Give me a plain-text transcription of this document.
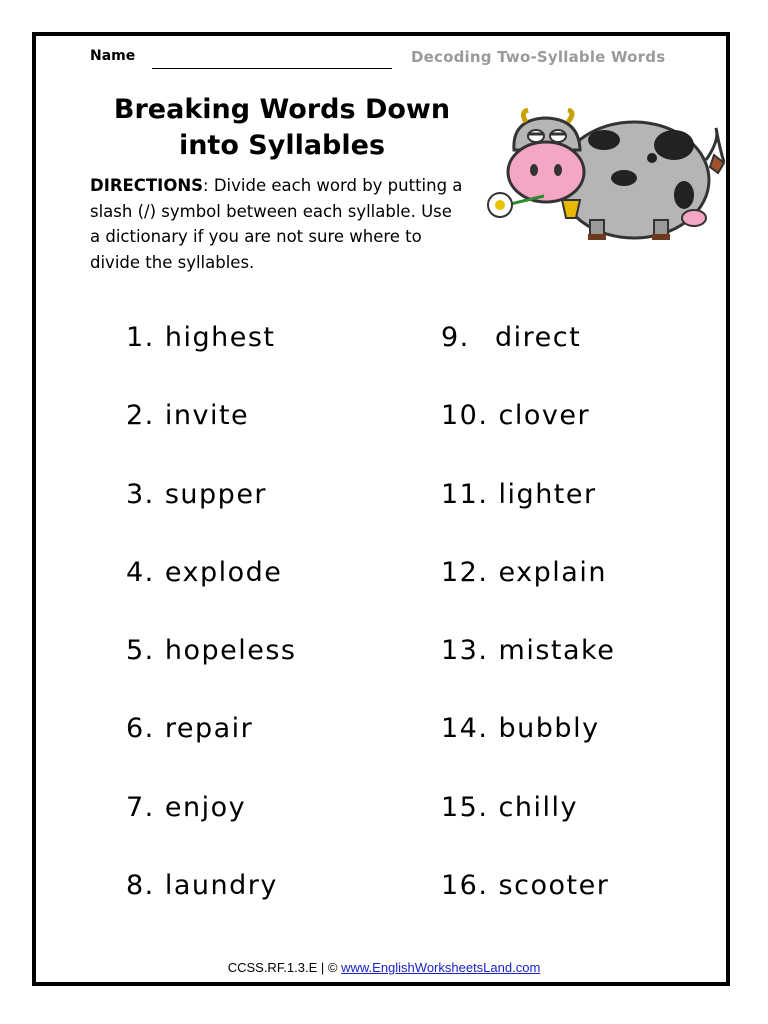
Name	Decoding Two-Syllable Words
Breaking Words Down
into Syllables
DIRECTIONS: Divide each word by putting a slash (/) symbol between each syllable. Use a dictionary if you are not sure where to divide the syllables.
1. highest
2. invite
3. supper
4. explode
5. hopeless
6. repair
7. enjoy
8. laundry
9. direct
10. clover
11. lighter
12. explain
13. mistake
14. bubbly
15. chilly
16. scooter
CCSS.RF.1.3.E | © www.EnglishWorksheetsLand.com
